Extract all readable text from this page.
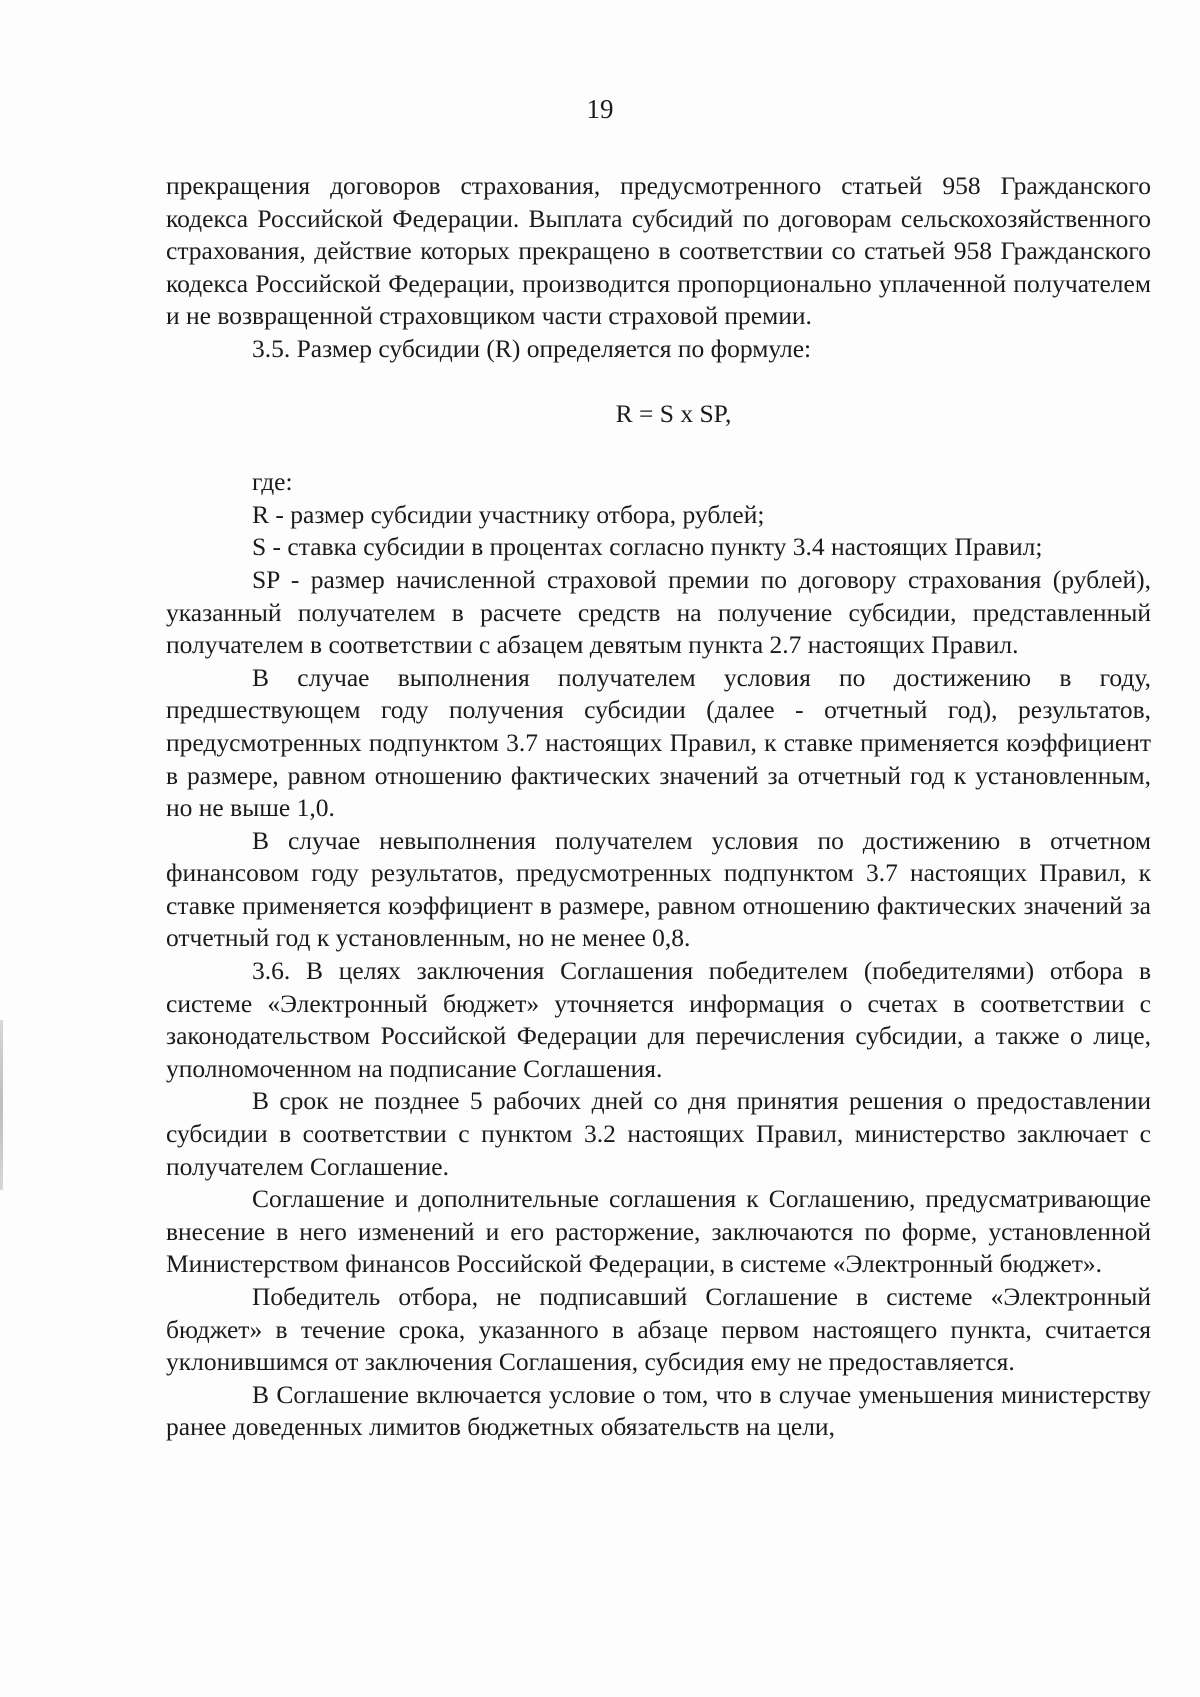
19

прекращения договоров страхования, предусмотренного статьей 958 Гражданского кодекса Российской Федерации. Выплата субсидий по договорам сельскохозяйственного страхования, действие которых прекращено в соответствии со статьей 958 Гражданского кодекса Российской Федерации, производится пропорционально уплаченной получателем и не возвращенной страховщиком части страховой премии.

3.5. Размер субсидии (R) определяется по формуле:

R = S x SP,

где:

R - размер субсидии участнику отбора, рублей;

S - ставка субсидии в процентах согласно пункту 3.4 настоящих Правил;

SP - размер начисленной страховой премии по договору страхования (рублей), указанный получателем в расчете средств на получение субсидии, представленный получателем в соответствии с абзацем девятым пункта 2.7 настоящих Правил.

В случае выполнения получателем условия по достижению в году, предшествующем году получения субсидии (далее - отчетный год), результатов, предусмотренных подпунктом 3.7 настоящих Правил, к ставке применяется коэффициент в размере, равном отношению фактических значений за отчетный год к установленным, но не выше 1,0.

В случае невыполнения получателем условия по достижению в отчетном финансовом году результатов, предусмотренных подпунктом 3.7 настоящих Правил, к ставке применяется коэффициент в размере, равном отношению фактических значений за отчетный год к установленным, но не менее 0,8.

3.6. В целях заключения Соглашения победителем (победителями) отбора в системе «Электронный бюджет» уточняется информация о счетах в соответствии с законодательством Российской Федерации для перечисления субсидии, а также о лице, уполномоченном на подписание Соглашения.

В срок не позднее 5 рабочих дней со дня принятия решения о предоставлении субсидии в соответствии с пунктом 3.2 настоящих Правил, министерство заключает с получателем Соглашение.

Соглашение и дополнительные соглашения к Соглашению, предусматривающие внесение в него изменений и его расторжение, заключаются по форме, установленной Министерством финансов Российской Федерации, в системе «Электронный бюджет».

Победитель отбора, не подписавший Соглашение в системе «Электронный бюджет» в течение срока, указанного в абзаце первом настоящего пункта, считается уклонившимся от заключения Соглашения, субсидия ему не предоставляется.

В Соглашение включается условие о том, что в случае уменьшения министерству ранее доведенных лимитов бюджетных обязательств на цели,
